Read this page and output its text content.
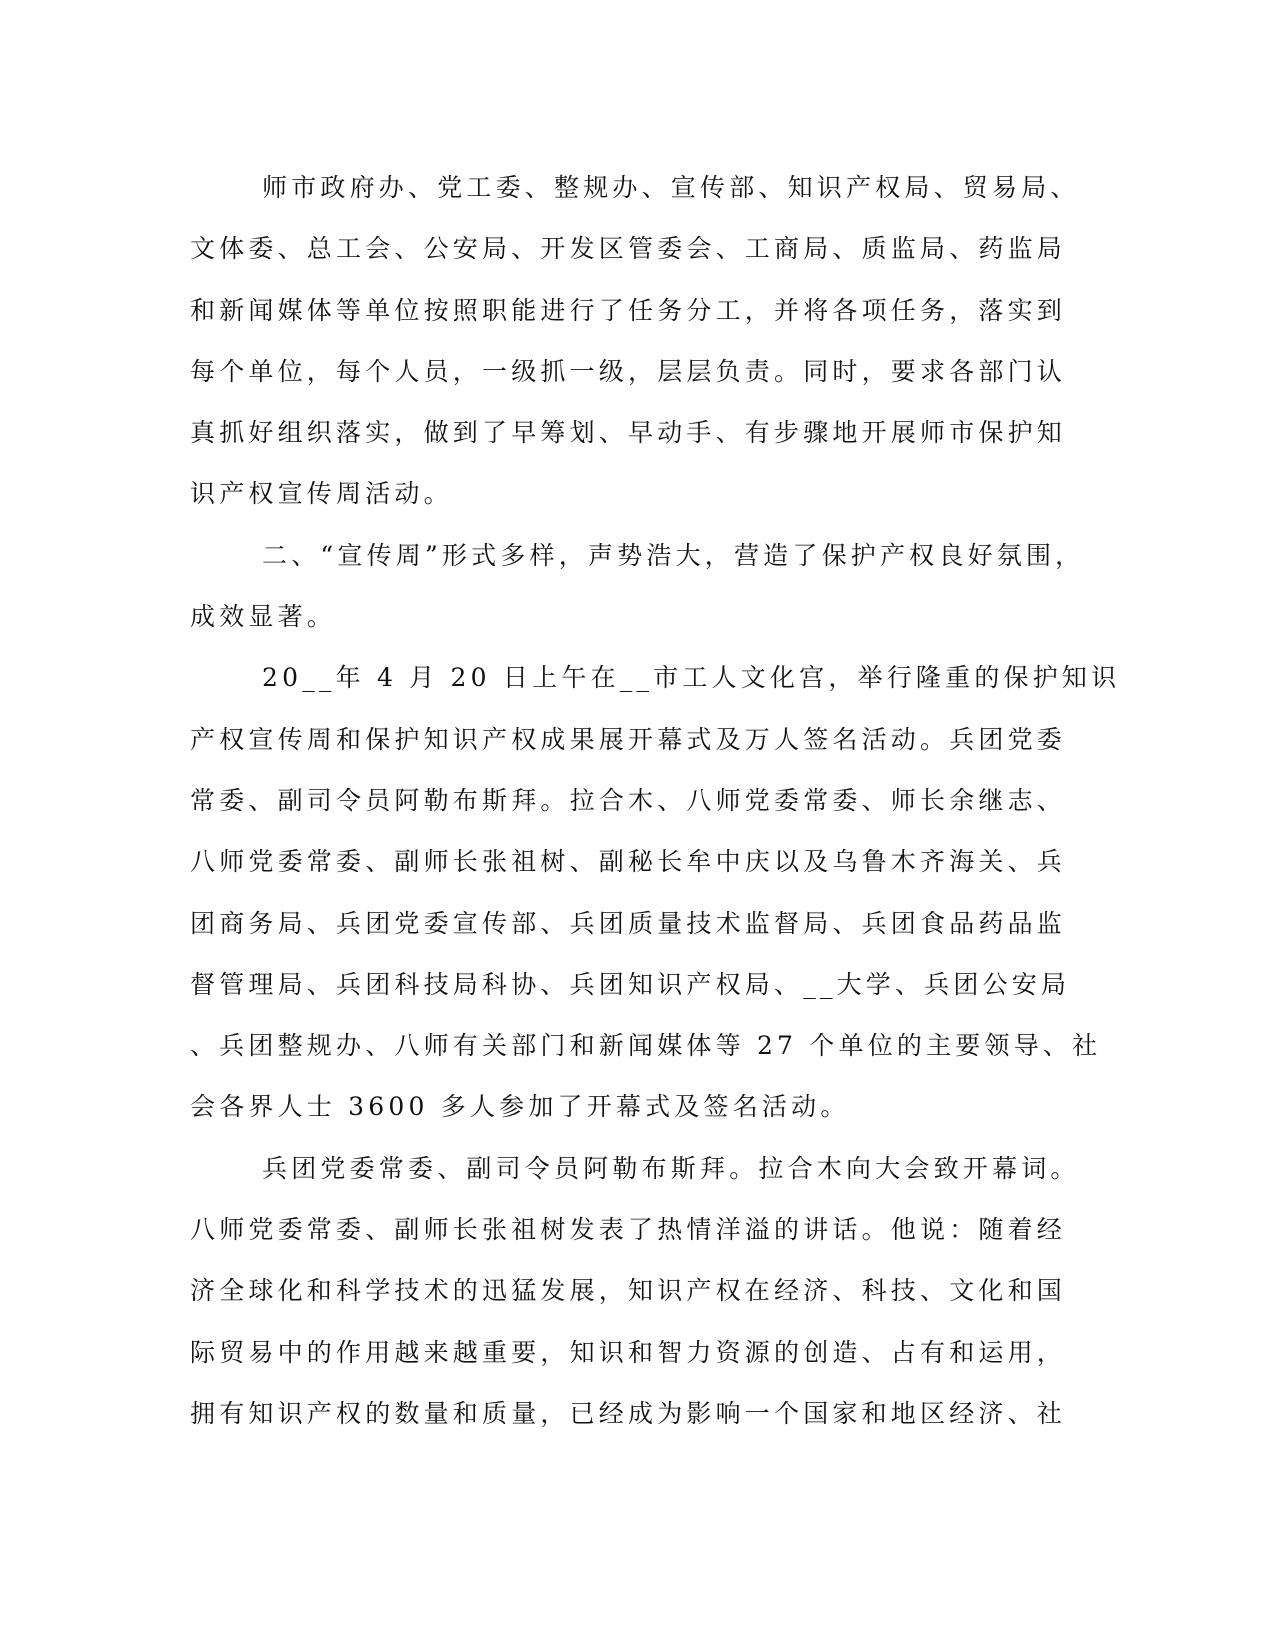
师市政府办、党工委、整规办、宣传部、知识产权局、贸易局、
文体委、总工会、公安局、开发区管委会、工商局、质监局、药监局
和新闻媒体等单位按照职能进行了任务分工，并将各项任务，落实到
每个单位，每个人员，一级抓一级，层层负责。同时，要求各部门认
真抓好组织落实，做到了早筹划、早动手、有步骤地开展师市保护知
识产权宣传周活动。
二、“宣传周”形式多样，声势浩大，营造了保护产权良好氛围，
成效显著。
20__年 4 月 20 日上午在__市工人文化宫，举行隆重的保护知识
产权宣传周和保护知识产权成果展开幕式及万人签名活动。兵团党委
常委、副司令员阿勒布斯拜。拉合木、八师党委常委、师长余继志、
八师党委常委、副师长张祖树、副秘长牟中庆以及乌鲁木齐海关、兵
团商务局、兵团党委宣传部、兵团质量技术监督局、兵团食品药品监
督管理局、兵团科技局科协、兵团知识产权局、__大学、兵团公安局
、兵团整规办、八师有关部门和新闻媒体等 27 个单位的主要领导、社
会各界人士 3600 多人参加了开幕式及签名活动。
兵团党委常委、副司令员阿勒布斯拜。拉合木向大会致开幕词。
八师党委常委、副师长张祖树发表了热情洋溢的讲话。他说：随着经
济全球化和科学技术的迅猛发展，知识产权在经济、科技、文化和国
际贸易中的作用越来越重要，知识和智力资源的创造、占有和运用，
拥有知识产权的数量和质量，已经成为影响一个国家和地区经济、社
